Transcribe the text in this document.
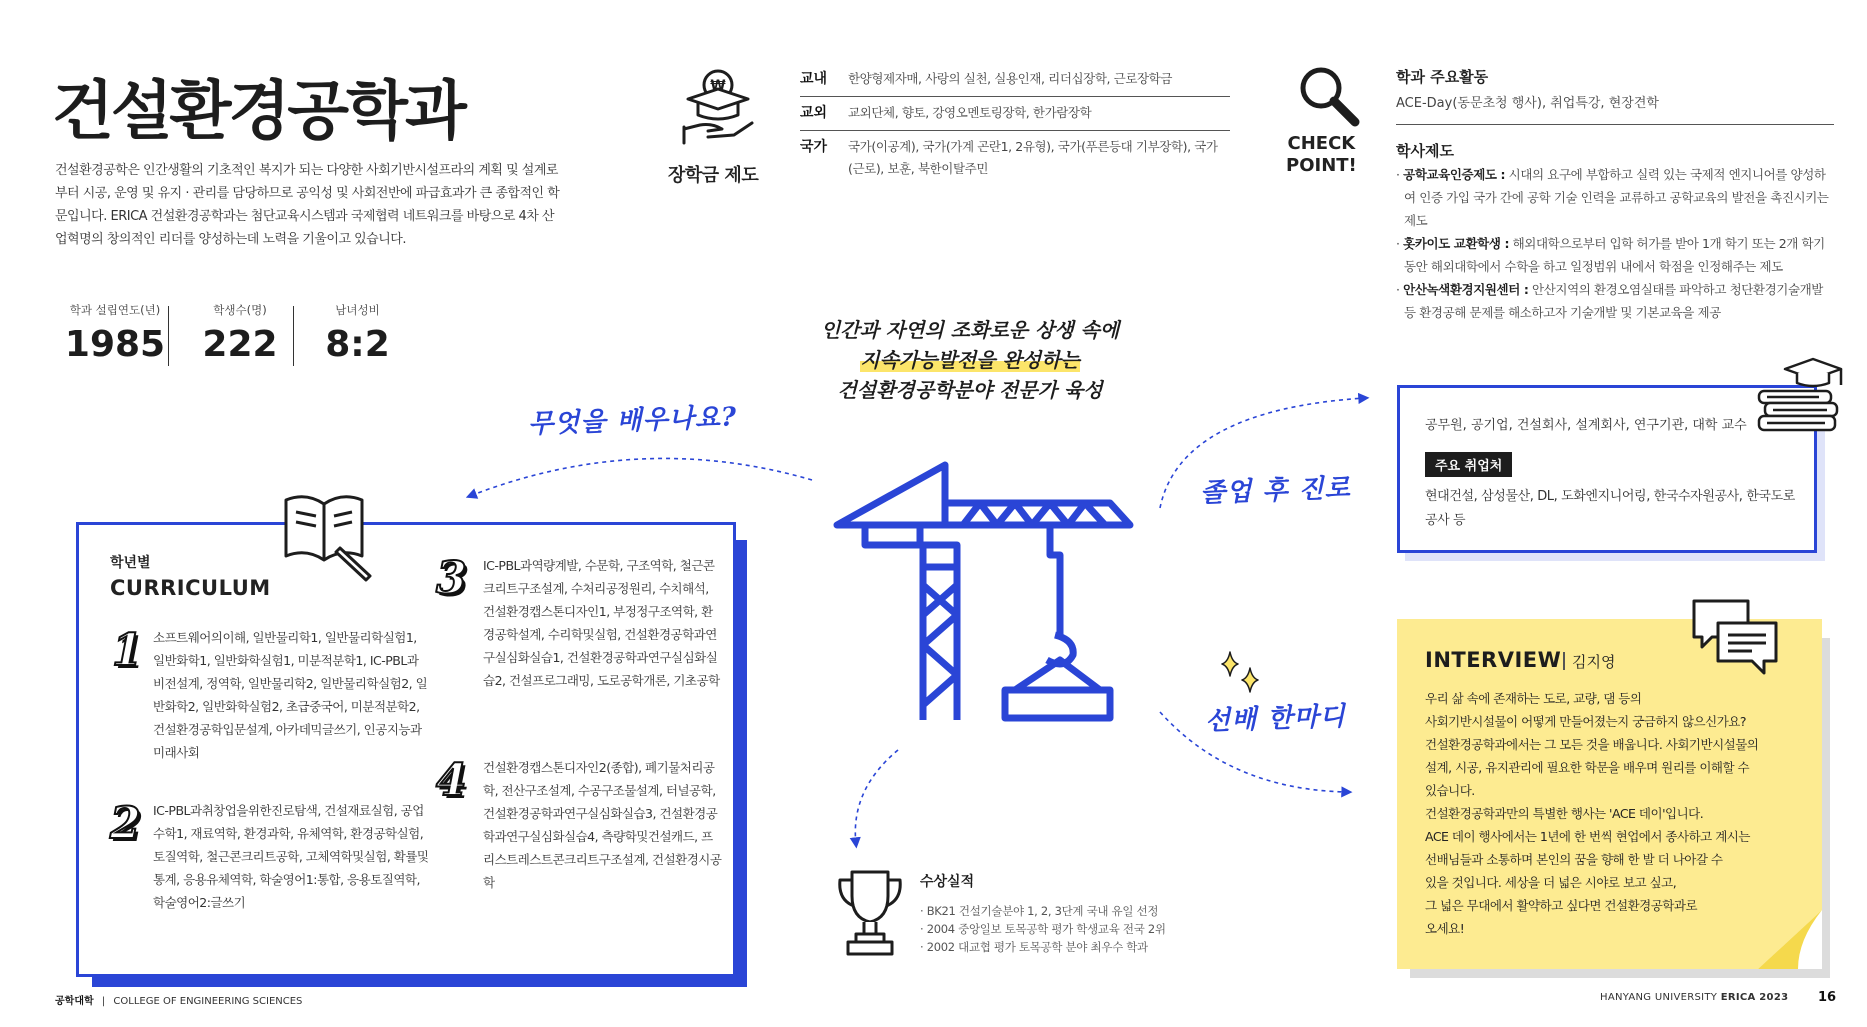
건설환경공학과
건설환경공학은 인간생활의 기초적인 복지가 되는 다양한 사회기반시설프라의 계획 및 설계로부터 시공, 운영 및 유지 · 관리를 담당하므로 공익성 및 사회전반에 파급효과가 큰 종합적인 학문입니다. ERICA 건설환경공학과는 첨단교육시스템과 국제협력 네트워크를 바탕으로 4차 산업혁명의 창의적인 리더를 양성하는데 노력을 기울이고 있습니다.
학과 설립연도(년)
1985
학생수(명)
222
남녀성비
8:2
₩
장학금 제도
교내	한양형제자매, 사랑의 실천, 실용인재, 리더십장학, 근로장학금
교외	교외단체, 향토, 강영오멘토링장학, 한가람장학
국가	국가(이공계), 국가(가계 곤란1, 2유형), 국가(푸른등대 기부장학), 국가(근로), 보훈, 북한이탈주민
CHECK
POINT!
학과 주요활동
ACE-Day(동문초청 행사), 취업특강, 현장견학
학사제도
· 공학교육인증제도 : 시대의 요구에 부합하고 실력 있는 국제적 엔지니어를 양성하여 인증 가입 국가 간에 공학 기술 인력을 교류하고 공학교육의 발전을 촉진시키는 제도
· 홋카이도 교환학생 : 해외대학으로부터 입학 허가를 받아 1개 학기 또는 2개 학기 동안 해외대학에서 수학을 하고 일정범위 내에서 학점을 인정해주는 제도
· 안산녹색환경지원센터 : 안산지역의 환경오염실태를 파악하고 청단환경기술개발 등 환경공해 문제를 해소하고자 기술개발 및 기본교육을 제공
인간과 자연의 조화로운 상생 속에
지속가능발전을 완성하는
건설환경공학분야 전문가 육성
무엇을 배우나요?
졸업 후 진로
선배 한마디
학년별
CURRICULUM
1 소프트웨어의이해, 일반물리학1, 일반물리학실험1, 일반화학1, 일반화학실험1, 미분적분학1, IC-PBL과비전설계, 정역학, 일반물리학2, 일반물리학실험2, 일반화학2, 일반화학실험2, 초급중국어, 미분적분학2, 건설환경공학입문설계, 아카데믹글쓰기, 인공지능과미래사회
2 IC-PBL과취창업을위한진로탐색, 건설재료실험, 공업수학1, 재료역학, 환경과학, 유체역학, 환경공학실험, 토질역학, 철근콘크리트공학, 고체역학및실험, 확률및통계, 응용유체역학, 학술영어1:통합, 응용토질역학, 학술영어2:글쓰기
3 IC-PBL과역량계발, 수문학, 구조역학, 철근콘크리트구조설계, 수처리공정원리, 수치해석, 건설환경캡스톤디자인1, 부정정구조역학, 환경공학설계, 수리학및실험, 건설환경공학과연구실심화실습1, 건설환경공학과연구실심화실습2, 건설프로그래밍, 도로공학개론, 기초공학
4 건설환경캡스톤디자인2(종합), 폐기물처리공학, 전산구조설계, 수공구조물설계, 터널공학, 건설환경공학과연구실심화실습3, 건설환경공학과연구실심화실습4, 측량학및건설캐드, 프리스트레스트콘크리트구조설계, 건설환경시공학
공무원, 공기업, 건설회사, 설계회사, 연구기관, 대학 교수
주요 취업처
현대건설, 삼성물산, DL, 도화엔지니어링, 한국수자원공사, 한국도로공사 등
INTERVIEW 김지영
우리 삶 속에 존재하는 도로, 교량, 댐 등의
사회기반시설물이 어떻게 만들어졌는지 궁금하지 않으신가요?
건설환경공학과에서는 그 모든 것을 배웁니다. 사회기반시설물의
설계, 시공, 유지관리에 필요한 학문을 배우며 원리를 이해할 수
있습니다.
건설환경공학과만의 특별한 행사는 'ACE 데이'입니다.
ACE 데이 행사에서는 1년에 한 번씩 현업에서 종사하고 계시는
선배님들과 소통하며 본인의 꿈을 향해 한 발 더 나아갈 수
있을 것입니다. 세상을 더 넓은 시야로 보고 싶고,
그 넓은 무대에서 활약하고 싶다면 건설환경공학과로
오세요!
수상실적
· BK21 건설기술분야 1, 2, 3단계 국내 유일 선정
· 2004 중앙일보 토목공학 평가 학생교육 전국 2위
· 2002 대교협 평가 토목공학 분야 최우수 학과
공학대학 | COLLEGE OF ENGINEERING SCIENCES	HANYANG UNIVERSITY ERICA 2023 16
